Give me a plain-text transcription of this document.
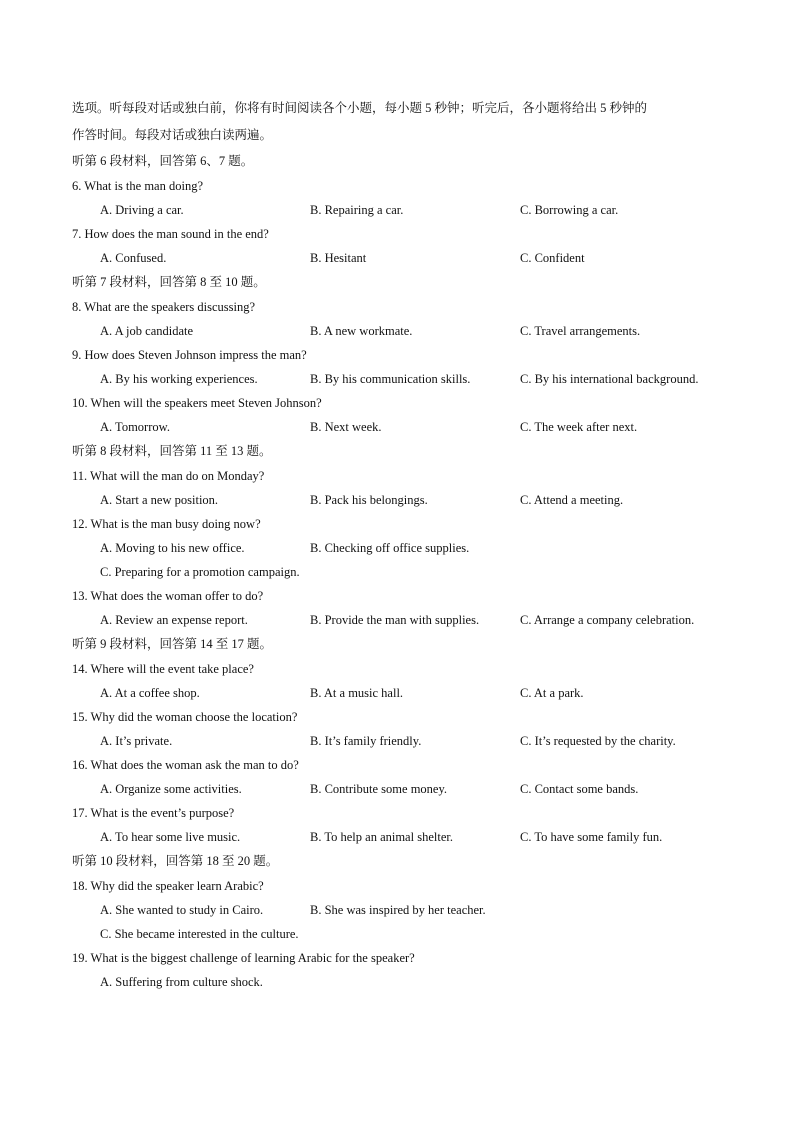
选项。听每段对话或独白前，你将有时间阅读各个小题，每小题 5 秒钟；听完后，各小题将给出 5 秒钟的
作答时间。每段对话或独白读两遍。
听第 6 段材料，回答第 6、7 题。
6. What is the man doing?
A. Driving a car.	B. Repairing a car.	C. Borrowing a car.
7. How does the man sound in the end?
A. Confused.	B. Hesitant	C. Confident
听第 7 段材料，回答第 8 至 10 题。
8. What are the speakers discussing?
A. A job candidate	B. A new workmate.	C. Travel arrangements.
9. How does Steven Johnson impress the man?
A. By his working experiences.	B. By his communication skills.	C. By his international background.
10. When will the speakers meet Steven Johnson?
A. Tomorrow.	B. Next week.	C. The week after next.
听第 8 段材料，回答第 11 至 13 题。
11. What will the man do on Monday?
A. Start a new position.	B. Pack his belongings.	C. Attend a meeting.
12. What is the man busy doing now?
A. Moving to his new office.	B. Checking off office supplies.
C. Preparing for a promotion campaign.
13. What does the woman offer to do?
A. Review an expense report.	B. Provide the man with supplies.	C. Arrange a company celebration.
听第 9 段材料，回答第 14 至 17 题。
14. Where will the event take place?
A. At a coffee shop.	B. At a music hall.	C. At a park.
15. Why did the woman choose the location?
A. It’s private.	B. It’s family friendly.	C. It’s requested by the charity.
16. What does the woman ask the man to do?
A. Organize some activities.	B. Contribute some money.	C. Contact some bands.
17. What is the event’s purpose?
A. To hear some live music.	B. To help an animal shelter.	C. To have some family fun.
听第 10 段材料，回答第 18 至 20 题。
18. Why did the speaker learn Arabic?
A. She wanted to study in Cairo.	B. She was inspired by her teacher.
C. She became interested in the culture.
19. What is the biggest challenge of learning Arabic for the speaker?
A. Suffering from culture shock.
